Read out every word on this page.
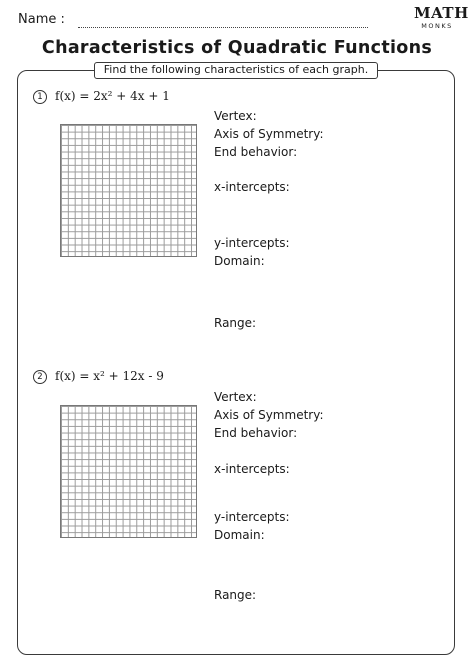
Name :	MATH
MONKS
Characteristics of Quadratic Functions
Find the following characteristics of each graph.
1 f(x) = 2x² + 4x + 1
Vertex:
Axis of Symmetry:
End behavior:
x-intercepts:
y-intercepts:
Domain:
Range:
2 f(x) = x² + 12x - 9
Vertex:
Axis of Symmetry:
End behavior:
x-intercepts:
y-intercepts:
Domain:
Range:
